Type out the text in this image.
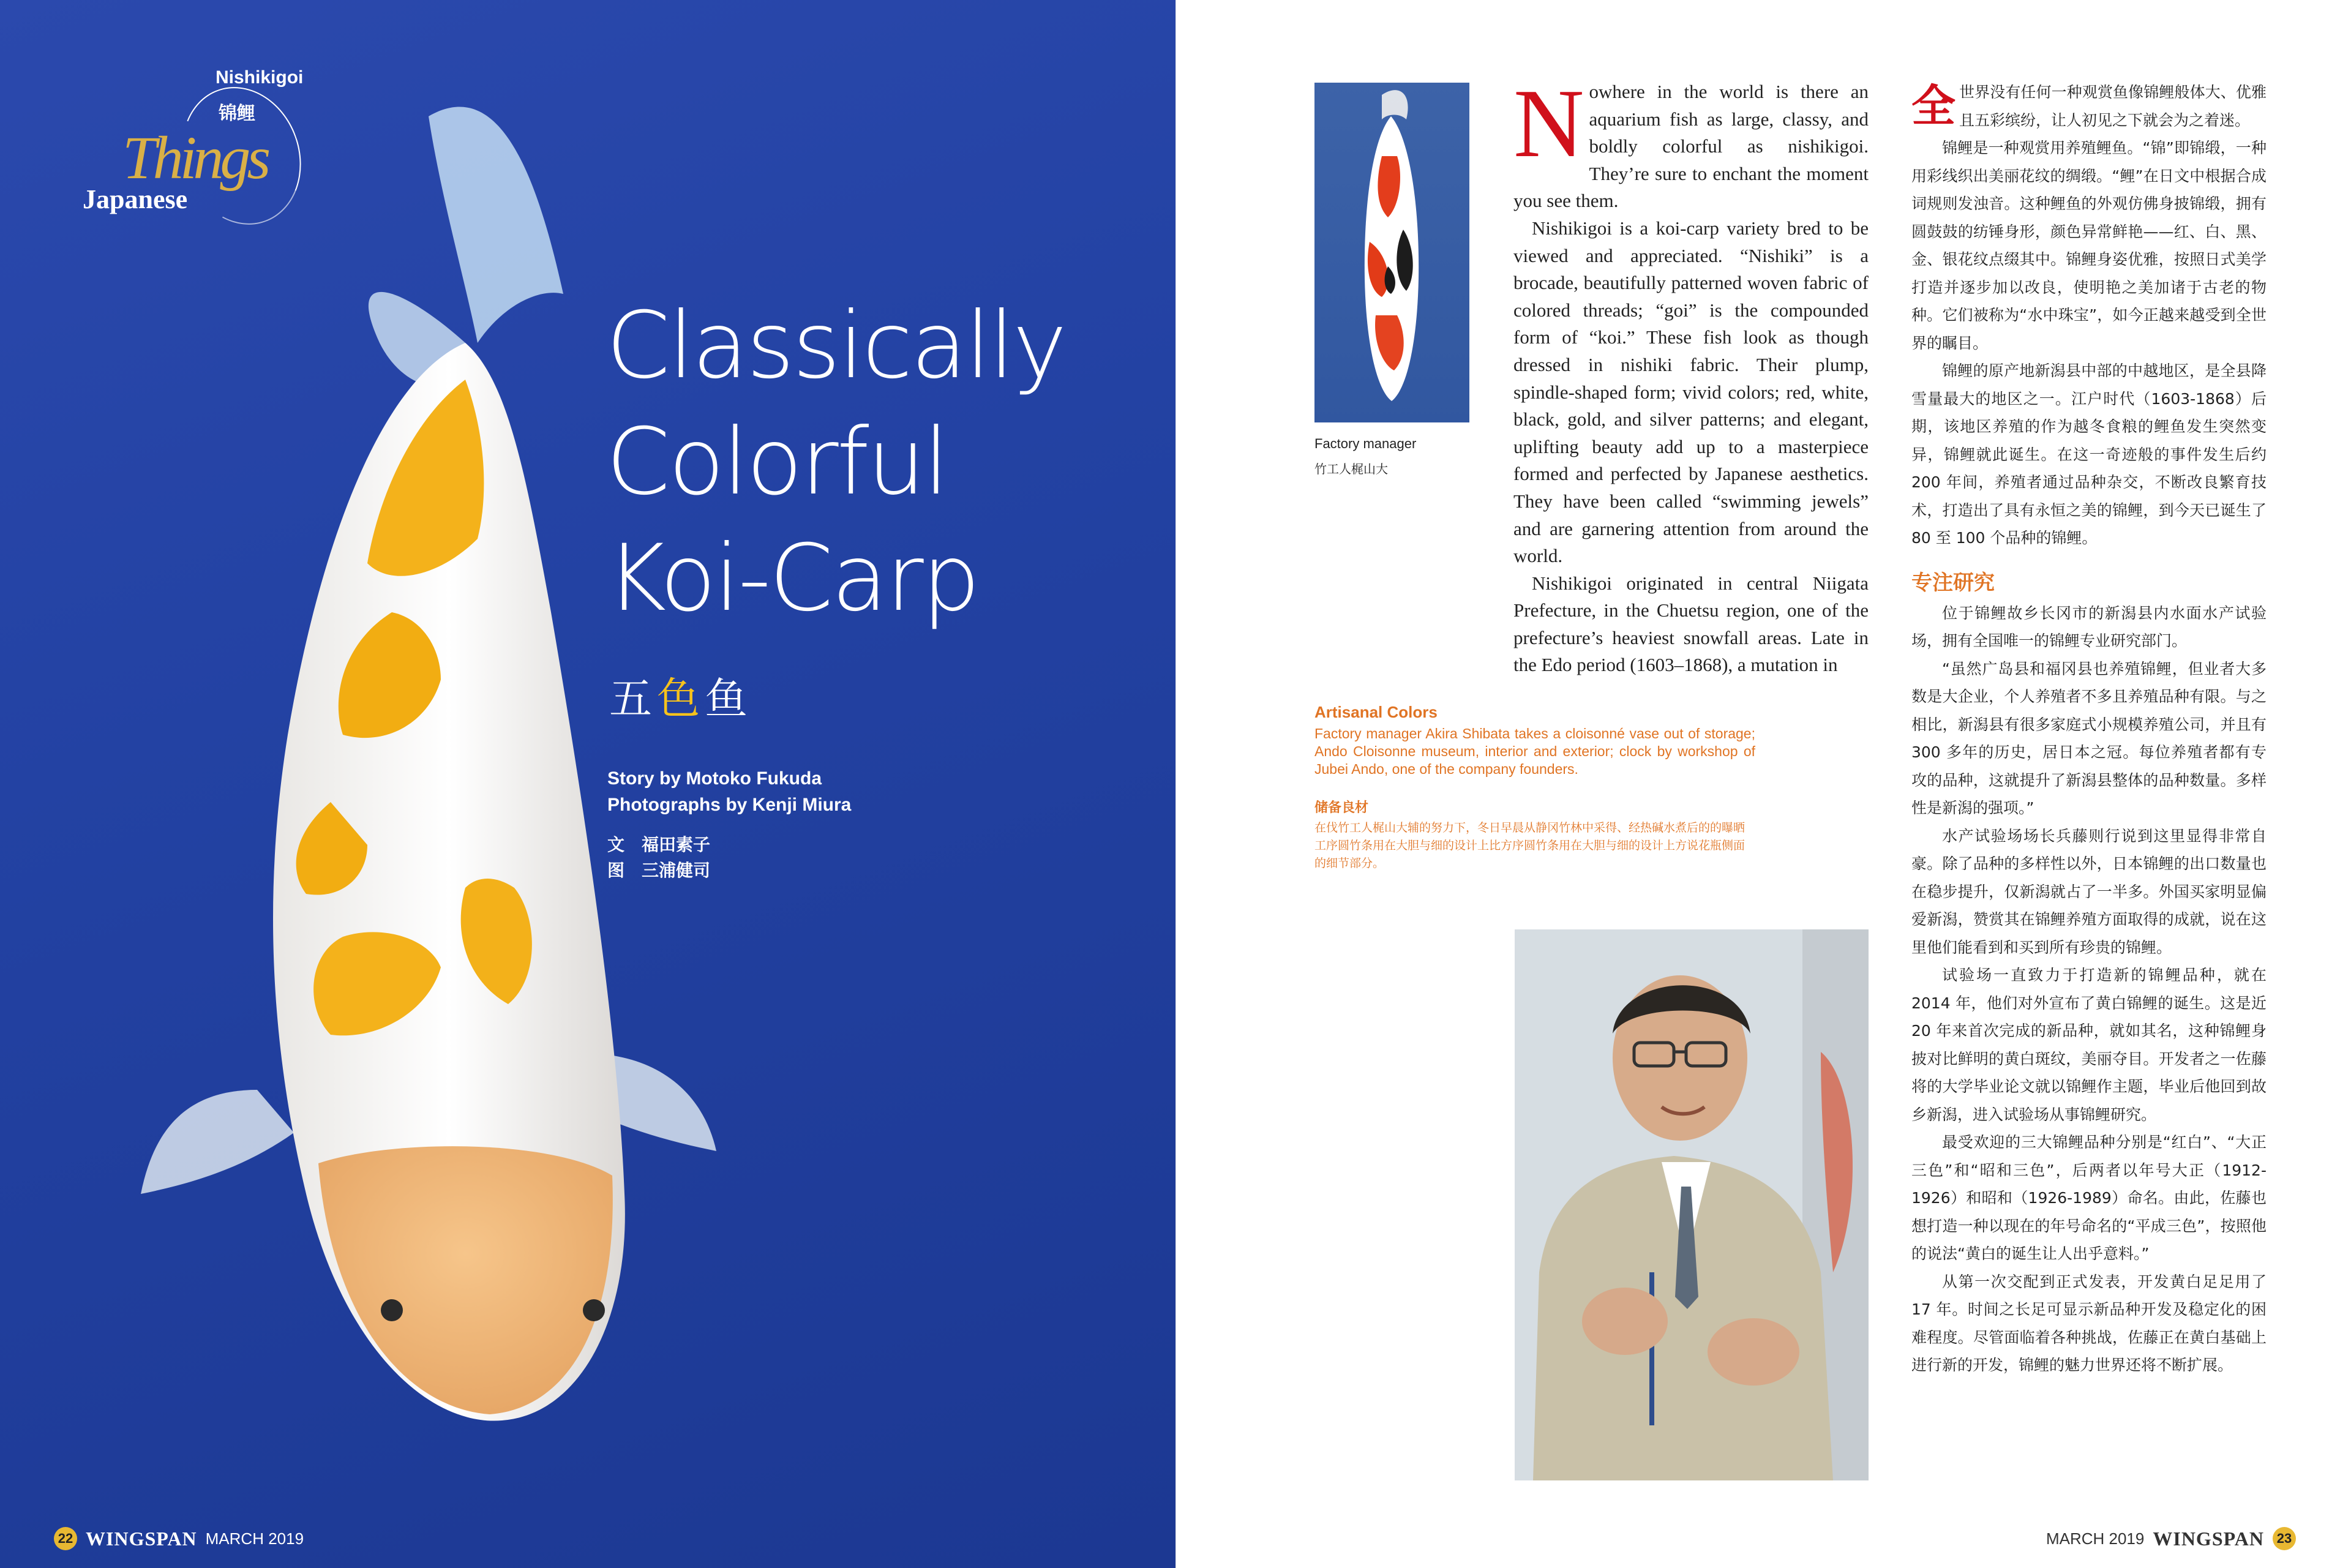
Nishikigoi
锦鲤
Things
Japanese
Classically
Colorful
Koi-Carp
五色鱼
Story by Motoko Fukuda
Photographs by Kenji Miura
文　福田素子
图　三浦健司
22 WINGSPAN MARCH 2019
Factory manager
竹工人梶山大

Nowhere in the world is there an aquarium fish as large, classy, and boldly colorful as nishikigoi. They’re sure to enchant the moment you see them.

Nishikigoi is a koi-carp variety bred to be viewed and appreciated. “Nishiki” is a brocade, beautifully patterned woven fabric of colored threads; “goi” is the compounded form of “koi.” These fish look as though dressed in nishiki fabric. Their plump, spindle-shaped form; vivid colors; red, white, black, gold, and silver patterns; and elegant, uplifting beauty add up to a masterpiece formed and perfected by Japanese aesthetics. They have been called “swimming jewels” and are garnering attention from around the world.

Nishikigoi originated in central Niigata Prefecture, in the Chuetsu region, one of the prefecture’s heaviest snowfall areas. Late in the Edo period (1603–1868), a mutation in

Artisanal Colors
Factory manager Akira Shibata takes a cloisonné vase out of storage; Ando Cloisonne museum, interior and exterior; clock by workshop of Jubei Ando, one of the company founders.
储备良材
在伐竹工人梶山大辅的努力下，冬日早晨从静冈竹林中采得、经热碱水煮后的的曝晒工序圆竹条用在大胆与细的设计上比方序圆竹条用在大胆与细的设计上方说花瓶侧面的细节部分。

全世界没有任何一种观赏鱼像锦鲤般体大、优雅且五彩缤纷，让人初见之下就会为之着迷。

锦鲤是一种观赏用养殖鲤鱼。“锦”即锦缎，一种用彩线织出美丽花纹的绸缎。“鲤”在日文中根据合成词规则发浊音。这种鲤鱼的外观仿佛身披锦缎，拥有圆鼓鼓的纺锤身形，颜色异常鲜艳——红、白、黑、金、银花纹点缀其中。锦鲤身姿优雅，按照日式美学打造并逐步加以改良，使明艳之美加诸于古老的物种。它们被称为“水中珠宝”，如今正越来越受到全世界的瞩目。

锦鲤的原产地新潟县中部的中越地区，是全县降雪量最大的地区之一。江户时代（1603-1868）后期，该地区养殖的作为越冬食粮的鲤鱼发生突然变异，锦鲤就此诞生。在这一奇迹般的事件发生后约 200 年间，养殖者通过品种杂交，不断改良繁育技术，打造出了具有永恒之美的锦鲤，到今天已诞生了 80 至 100 个品种的锦鲤。

专注研究

位于锦鲤故乡长冈市的新潟县内水面水产试验场，拥有全国唯一的锦鲤专业研究部门。

“虽然广岛县和福冈县也养殖锦鲤，但业者大多数是大企业，个人养殖者不多且养殖品种有限。与之相比，新潟县有很多家庭式小规模养殖公司，并且有 300 多年的历史，居日本之冠。每位养殖者都有专攻的品种，这就提升了新潟县整体的品种数量。多样性是新潟的强项。”

水产试验场场长兵藤则行说到这里显得非常自豪。除了品种的多样性以外，日本锦鲤的出口数量也在稳步提升，仅新潟就占了一半多。外国买家明显偏爱新潟，赞赏其在锦鲤养殖方面取得的成就，说在这里他们能看到和买到所有珍贵的锦鲤。

试验场一直致力于打造新的锦鲤品种，就在 2014 年，他们对外宣布了黄白锦鲤的诞生。这是近 20 年来首次完成的新品种，就如其名，这种锦鲤身披对比鲜明的黄白斑纹，美丽夺目。开发者之一佐藤将的大学毕业论文就以锦鲤作主题，毕业后他回到故乡新潟，进入试验场从事锦鲤研究。

最受欢迎的三大锦鲤品种分别是“红白”、“大正三色”和“昭和三色”，后两者以年号大正（1912-1926）和昭和（1926-1989）命名。由此，佐藤也想打造一种以现在的年号命名的“平成三色”，按照他的说法“黄白的诞生让人出乎意料。”

从第一次交配到正式发表，开发黄白足足用了 17 年。时间之长足可显示新品种开发及稳定化的困难程度。尽管面临着各种挑战，佐藤正在黄白基础上进行新的开发，锦鲤的魅力世界还将不断扩展。

MARCH 2019 WINGSPAN 23
